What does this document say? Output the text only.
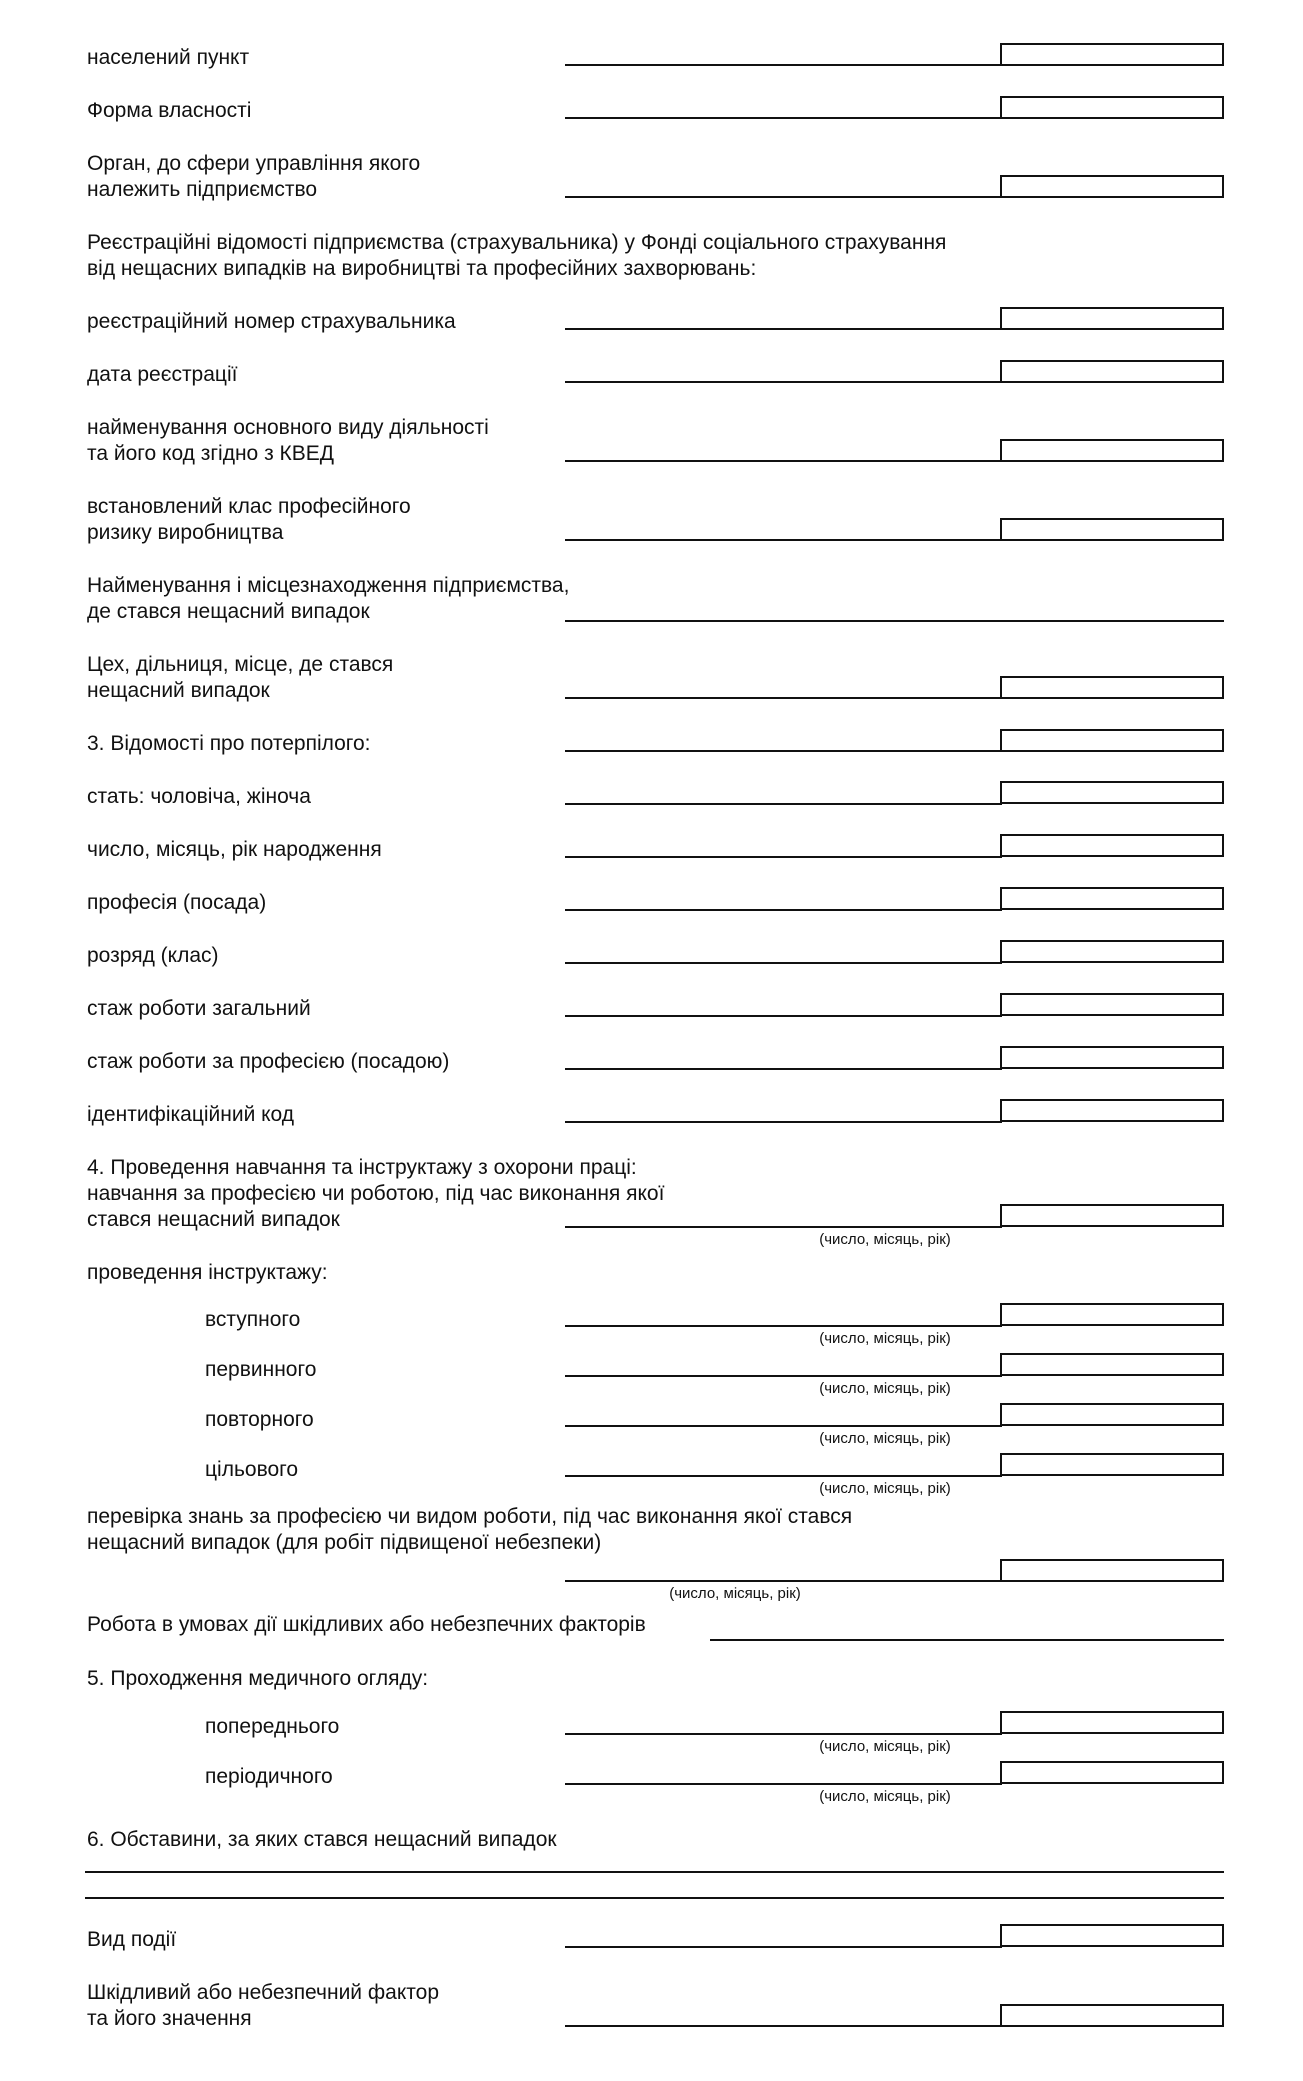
населений пункт
Форма власності
Орган, до сфери управління якого
належить підприємство
Реєстраційні відомості підприємства (страхувальника) у Фонді соціального страхування
від нещасних випадків на виробництві та професійних захворювань:
реєстраційний номер страхувальника
дата реєстрації
найменування основного виду діяльності
та його код згідно з КВЕД
встановлений клас професійного
ризику виробництва
Найменування і місцезнаходження підприємства,
де стався нещасний випадок
Цех, дільниця, місце, де стався
нещасний випадок
3. Відомості про потерпілого:
стать: чоловіча, жіноча
число, місяць, рік народження
професія (посада)
розряд (клас)
стаж роботи загальний
стаж роботи за професією (посадою)
ідентифікаційний код
4. Проведення навчання та інструктажу з охорони праці:
навчання за професією чи роботою, під час виконання якої
стався нещасний випадок
(число, місяць, рік)
проведення інструктажу:
вступного
(число, місяць, рік)
первинного
(число, місяць, рік)
повторного
(число, місяць, рік)
цільового
(число, місяць, рік)
перевірка знань за професією чи видом роботи, під час виконання якої стався
нещасний випадок (для робіт підвищеної небезпеки)
(число, місяць, рік)
Робота в умовах дії шкідливих або небезпечних факторів
5. Проходження медичного огляду:
попереднього
(число, місяць, рік)
періодичного
(число, місяць, рік)
6. Обставини, за яких стався нещасний випадок
Вид події
Шкідливий або небезпечний фактор
та його значення
